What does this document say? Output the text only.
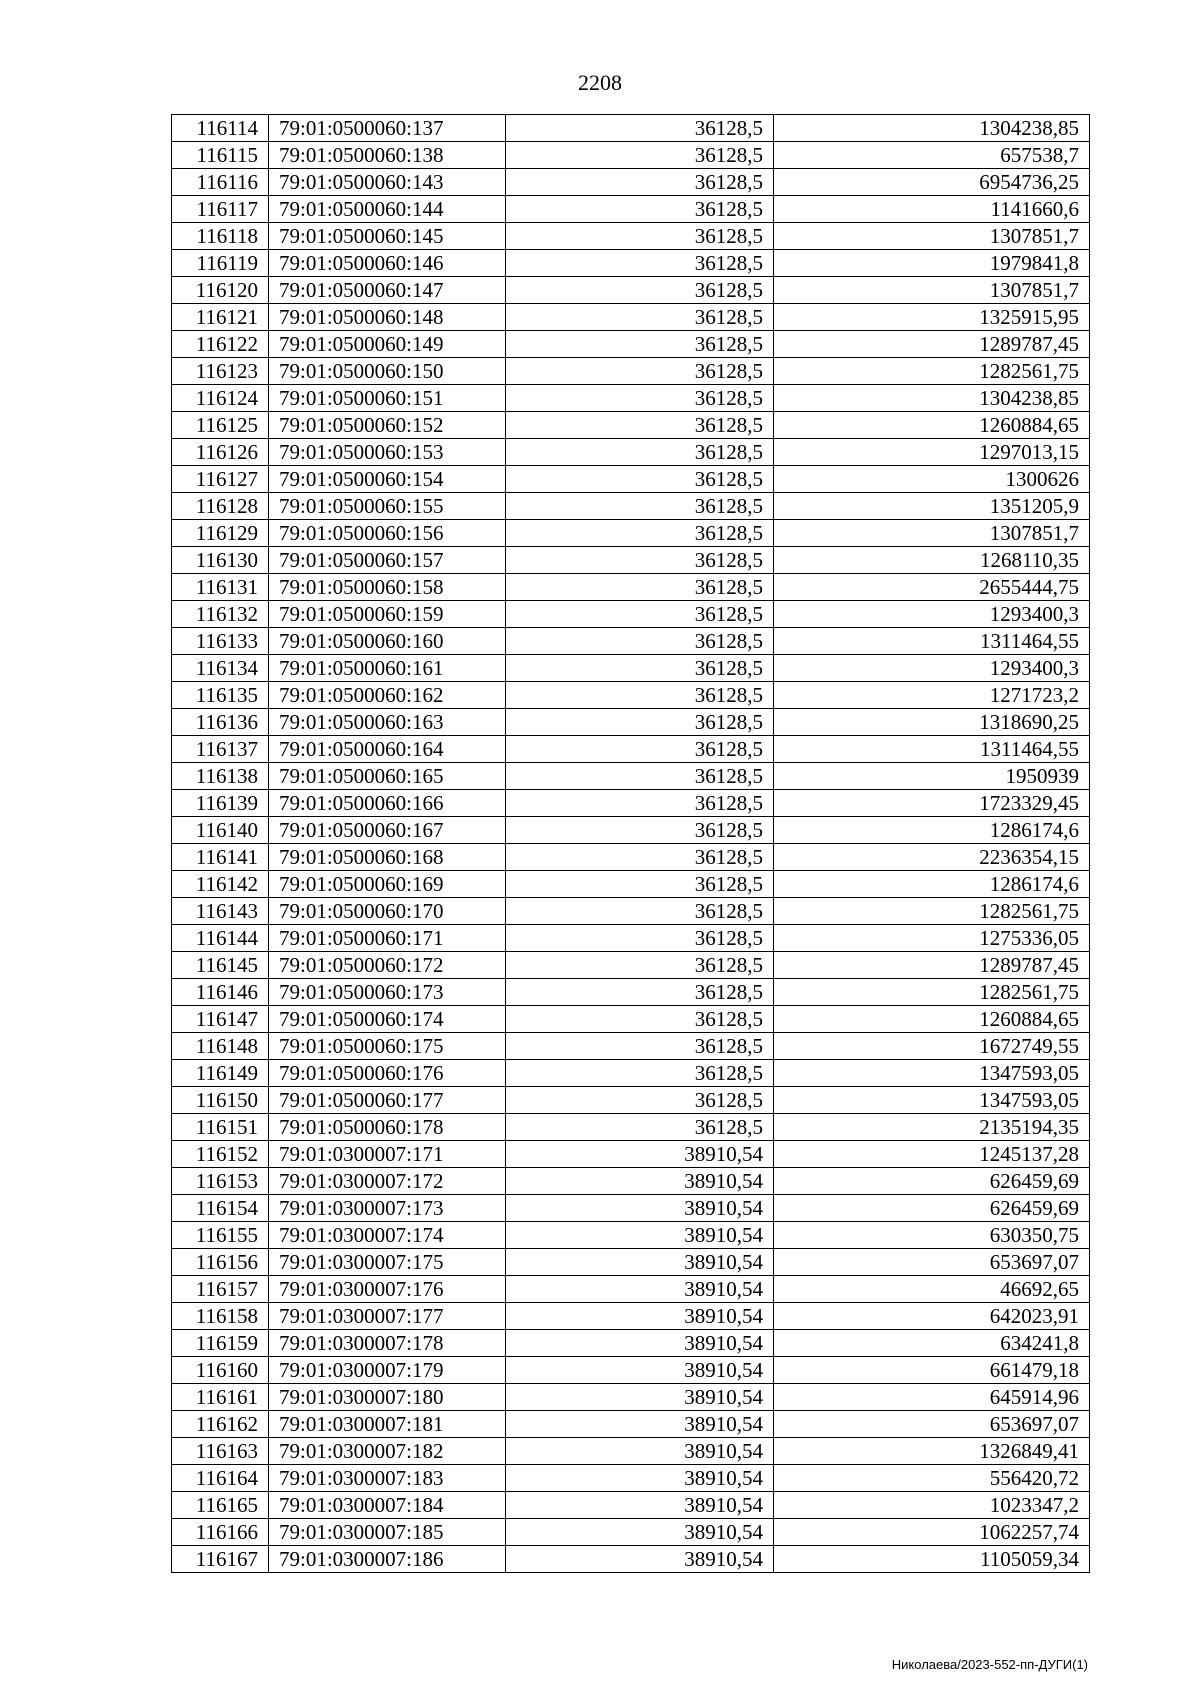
2208
116114	79:01:0500060:137	36128,5	1304238,85
116115	79:01:0500060:138	36128,5	657538,7
116116	79:01:0500060:143	36128,5	6954736,25
116117	79:01:0500060:144	36128,5	1141660,6
116118	79:01:0500060:145	36128,5	1307851,7
116119	79:01:0500060:146	36128,5	1979841,8
116120	79:01:0500060:147	36128,5	1307851,7
116121	79:01:0500060:148	36128,5	1325915,95
116122	79:01:0500060:149	36128,5	1289787,45
116123	79:01:0500060:150	36128,5	1282561,75
116124	79:01:0500060:151	36128,5	1304238,85
116125	79:01:0500060:152	36128,5	1260884,65
116126	79:01:0500060:153	36128,5	1297013,15
116127	79:01:0500060:154	36128,5	1300626
116128	79:01:0500060:155	36128,5	1351205,9
116129	79:01:0500060:156	36128,5	1307851,7
116130	79:01:0500060:157	36128,5	1268110,35
116131	79:01:0500060:158	36128,5	2655444,75
116132	79:01:0500060:159	36128,5	1293400,3
116133	79:01:0500060:160	36128,5	1311464,55
116134	79:01:0500060:161	36128,5	1293400,3
116135	79:01:0500060:162	36128,5	1271723,2
116136	79:01:0500060:163	36128,5	1318690,25
116137	79:01:0500060:164	36128,5	1311464,55
116138	79:01:0500060:165	36128,5	1950939
116139	79:01:0500060:166	36128,5	1723329,45
116140	79:01:0500060:167	36128,5	1286174,6
116141	79:01:0500060:168	36128,5	2236354,15
116142	79:01:0500060:169	36128,5	1286174,6
116143	79:01:0500060:170	36128,5	1282561,75
116144	79:01:0500060:171	36128,5	1275336,05
116145	79:01:0500060:172	36128,5	1289787,45
116146	79:01:0500060:173	36128,5	1282561,75
116147	79:01:0500060:174	36128,5	1260884,65
116148	79:01:0500060:175	36128,5	1672749,55
116149	79:01:0500060:176	36128,5	1347593,05
116150	79:01:0500060:177	36128,5	1347593,05
116151	79:01:0500060:178	36128,5	2135194,35
116152	79:01:0300007:171	38910,54	1245137,28
116153	79:01:0300007:172	38910,54	626459,69
116154	79:01:0300007:173	38910,54	626459,69
116155	79:01:0300007:174	38910,54	630350,75
116156	79:01:0300007:175	38910,54	653697,07
116157	79:01:0300007:176	38910,54	46692,65
116158	79:01:0300007:177	38910,54	642023,91
116159	79:01:0300007:178	38910,54	634241,8
116160	79:01:0300007:179	38910,54	661479,18
116161	79:01:0300007:180	38910,54	645914,96
116162	79:01:0300007:181	38910,54	653697,07
116163	79:01:0300007:182	38910,54	1326849,41
116164	79:01:0300007:183	38910,54	556420,72
116165	79:01:0300007:184	38910,54	1023347,2
116166	79:01:0300007:185	38910,54	1062257,74
116167	79:01:0300007:186	38910,54	1105059,34
Николаева/2023-552-пп-ДУГИ(1)
